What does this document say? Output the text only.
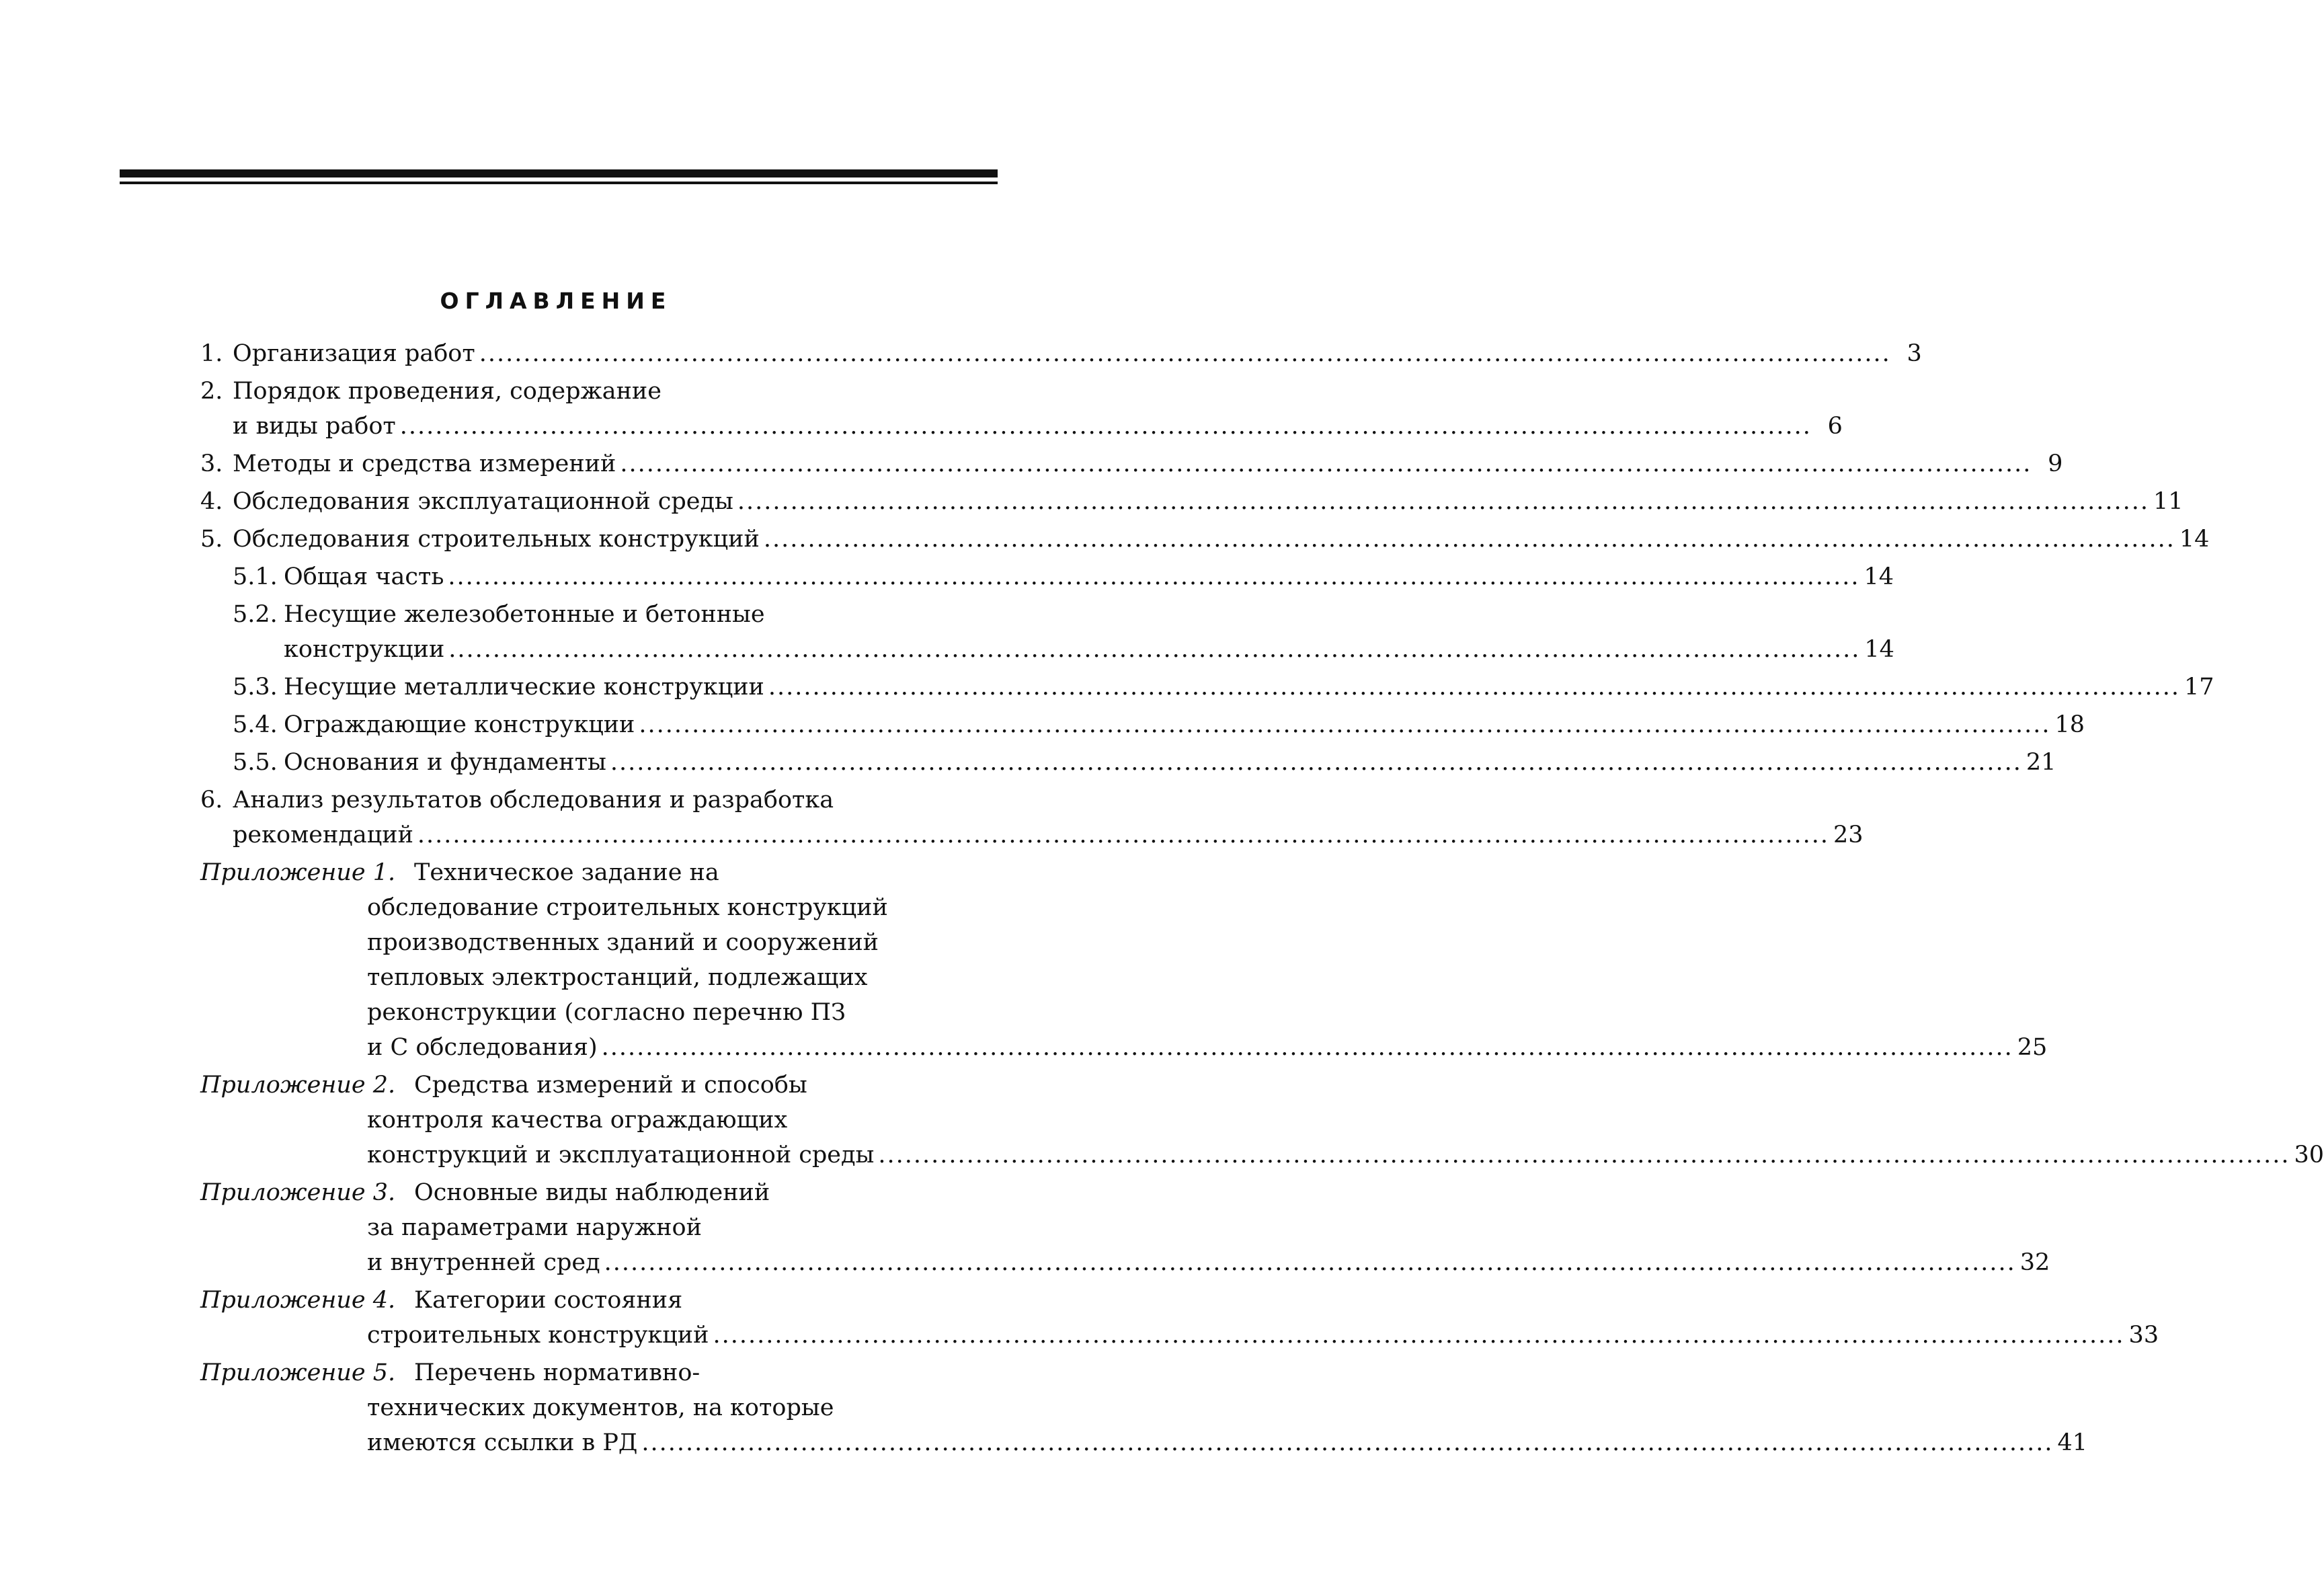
ОГЛАВЛЕНИЕ
1. Организация работ ................................................................................................................................................................ 3
2. Порядок проведения, содержание
и виды работ ................................................................................................................................................................ 6
3. Методы и средства измерений ................................................................................................................................................................ 9
4. Обследования эксплуатационной среды ................................................................................................................................................................ 11
5. Обследования строительных конструкций ................................................................................................................................................................ 14
5.1. Общая часть ................................................................................................................................................................ 14
5.2. Несущие железобетонные и бетонные
конструкции ................................................................................................................................................................ 14
5.3. Несущие металлические конструкции ................................................................................................................................................................ 17
5.4. Ограждающие конструкции ................................................................................................................................................................ 18
5.5. Основания и фундаменты ................................................................................................................................................................ 21
6. Анализ результатов обследования и разработка
рекомендаций ................................................................................................................................................................ 23
Приложение 1. Техническое задание на
обследование строительных конструкций
производственных зданий и сооружений
тепловых электростанций, подлежащих
реконструкции (согласно перечню ПЗ
и С обследования) ................................................................................................................................................................ 25
Приложение 2. Средства измерений и способы
контроля качества ограждающих
конструкций и эксплуатационной среды ................................................................................................................................................................ 30
Приложение 3. Основные виды наблюдений
за параметрами наружной
и внутренней сред ................................................................................................................................................................ 32
Приложение 4. Категории состояния
строительных конструкций ................................................................................................................................................................ 33
Приложение 5. Перечень нормативно-
технических документов, на которые
имеются ссылки в РД ................................................................................................................................................................ 41
